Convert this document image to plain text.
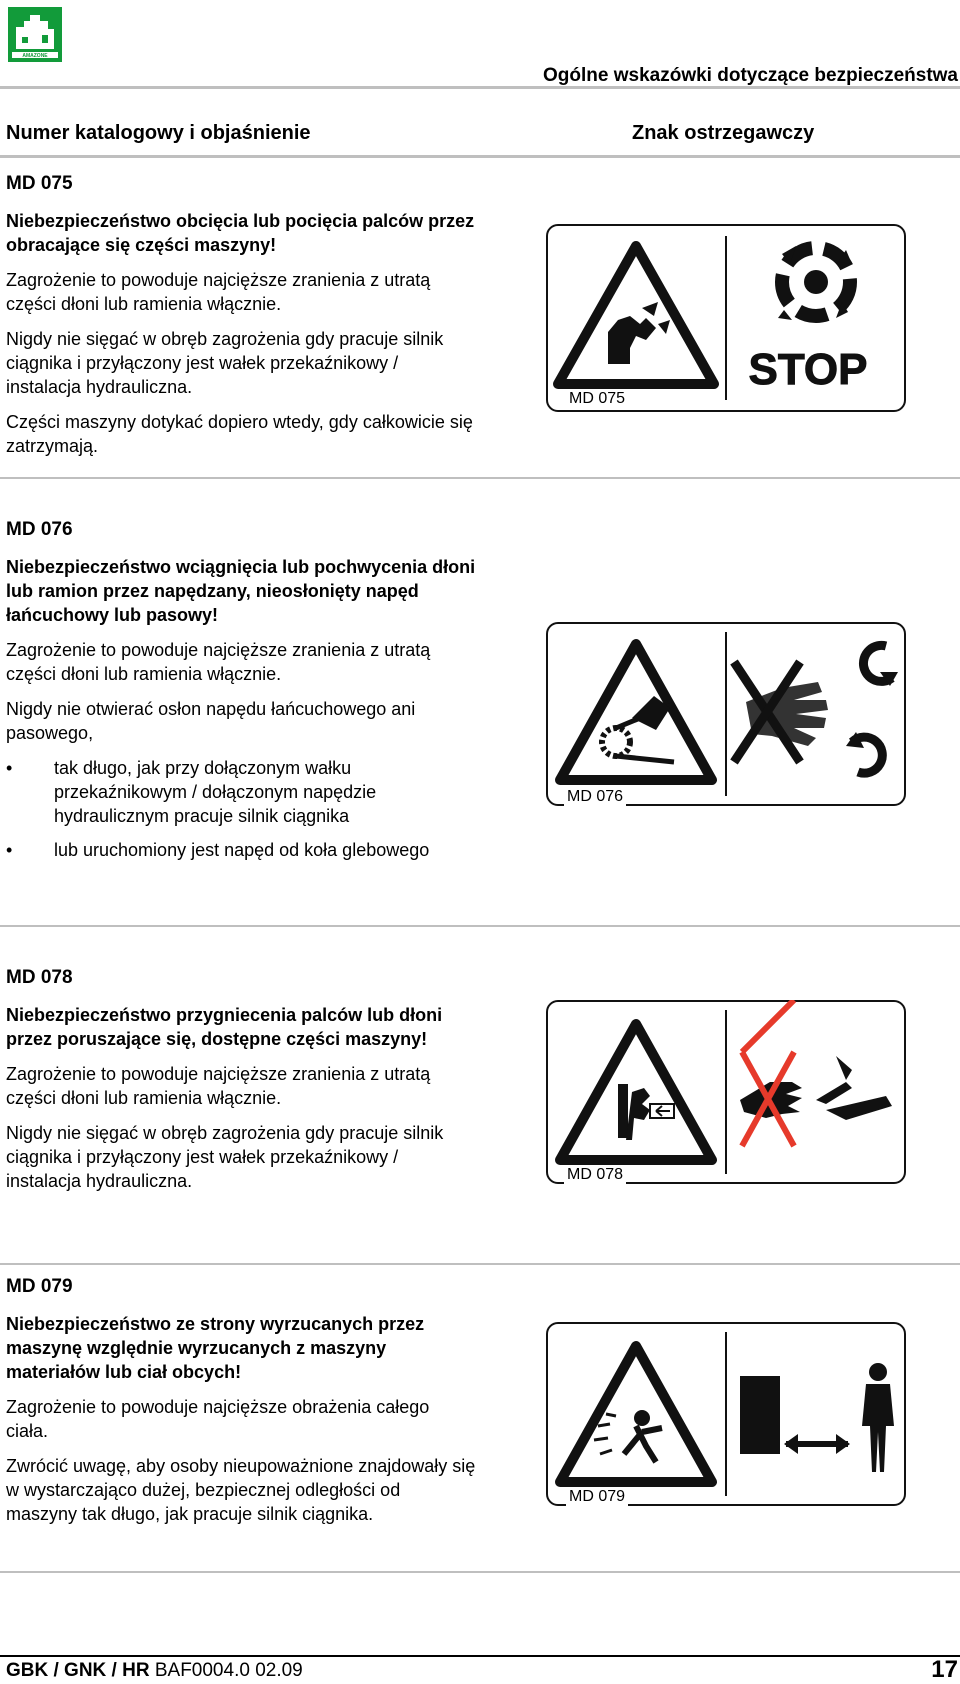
AMAZONE
Ogólne wskazówki dotyczące bezpieczeństwa
Numer katalogowy i objaśnienie	Znak ostrzegawczy
MD 075
Niebezpieczeństwo obcięcia lub pocięcia palców przez obracające się części maszyny!

Zagrożenie to powoduje najcięższe zranienia z utratą części dłoni lub ramienia włącznie.

Nigdy nie sięgać w obręb zagrożenia gdy pracuje silnik ciągnika i przyłączony jest wałek przekaźnikowy / instalacja hydrauliczna.

Części maszyny dotykać dopiero wtedy, gdy całkowicie się zatrzymają.

STOP
MD 075
MD 076
Niebezpieczeństwo wciągnięcia lub pochwycenia dłoni lub ramion przez napędzany, nieosłonięty napęd łańcuchowy lub pasowy!

Zagrożenie to powoduje najcięższe zranienia z utratą części dłoni lub ramienia włącznie.

Nigdy nie otwierać osłon napędu łańcuchowego ani pasowego,

• tak długo, jak przy dołączonym wałku przekaźnikowym / dołączonym napędzie hydraulicznym pracuje silnik ciągnika
• lub uruchomiony jest napęd od koła glebowego
MD 076
MD 078
Niebezpieczeństwo przygniecenia palców lub dłoni przez poruszające się, dostępne części maszyny!

Zagrożenie to powoduje najcięższe zranienia z utratą części dłoni lub ramienia włącznie.

Nigdy nie sięgać w obręb zagrożenia gdy pracuje silnik ciągnika i przyłączony jest wałek przekaźnikowy / instalacja hydrauliczna.	MD 078
MD 079
Niebezpieczeństwo ze strony wyrzucanych przez maszynę względnie wyrzucanych z maszyny materiałów lub ciał obcych!

Zagrożenie to powoduje najcięższe obrażenia całego ciała.

Zwrócić uwagę, aby osoby nieupoważnione znajdowały się w wystarczająco dużej, bezpiecznej odległości od maszyny tak długo, jak pracuje silnik ciągnika.

MD 079
GBK / GNK / HR BAF0004.0 02.09	17
